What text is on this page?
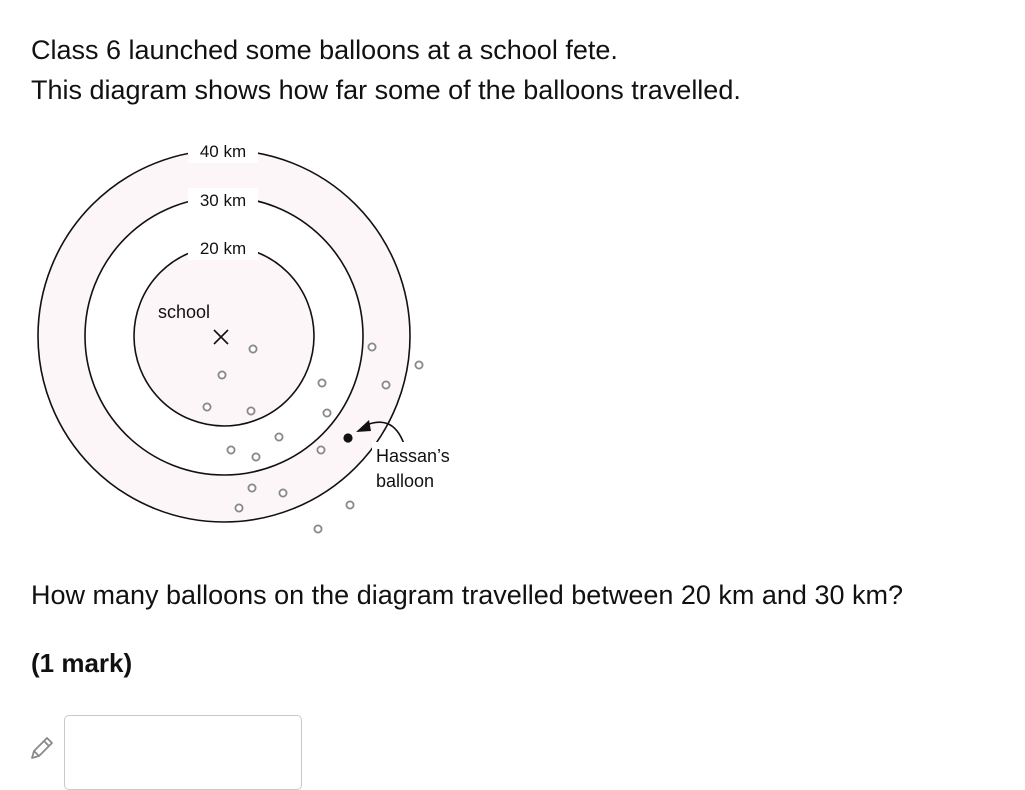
Class 6 launched some balloons at a school fete.
This diagram shows how far some of the balloons travelled.
40 km
30 km
20 km
school
Hassan’s
balloon
How many balloons on the diagram travelled between 20 km and 30 km?
(1 mark)
